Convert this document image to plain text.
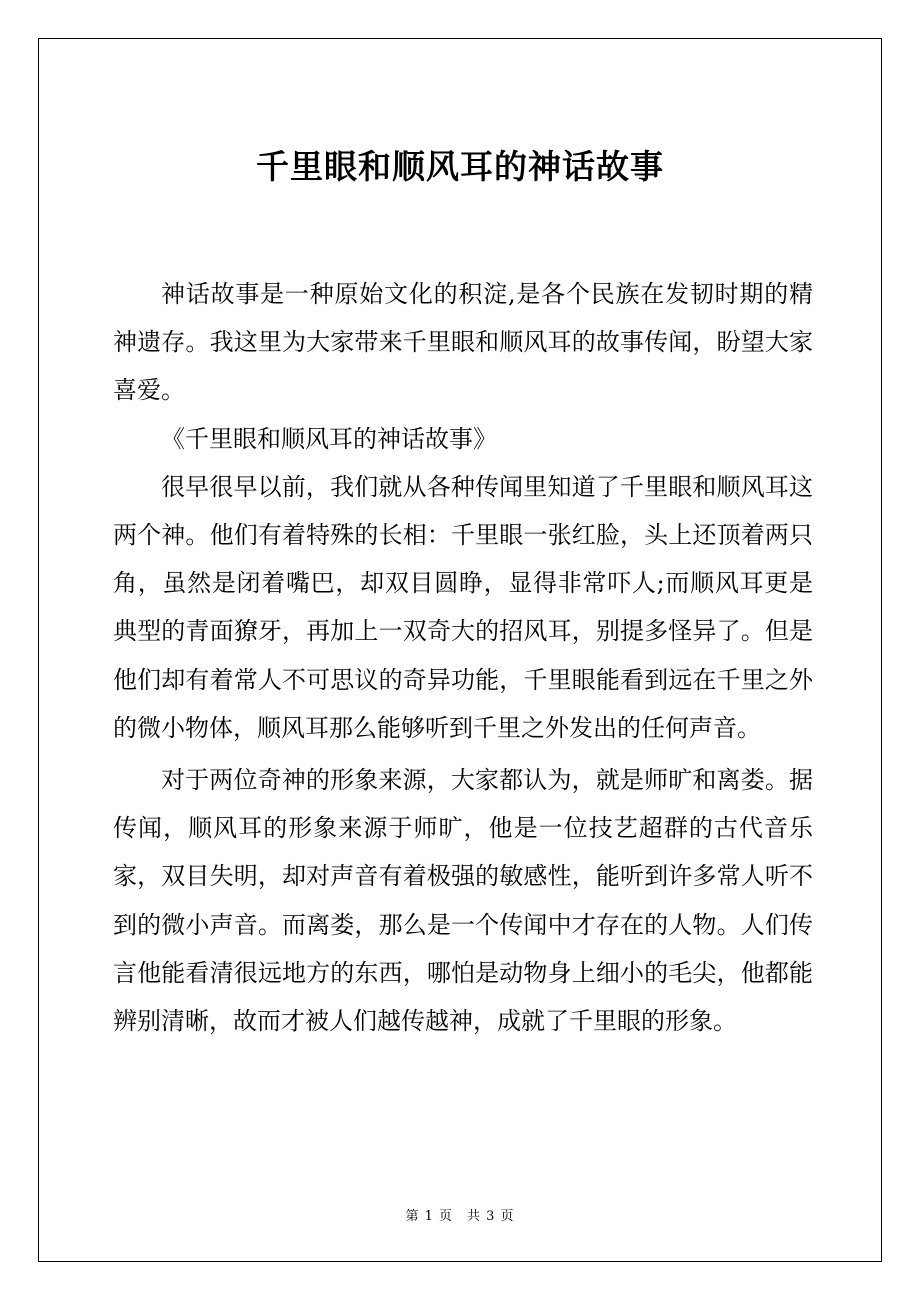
千里眼和顺风耳的神话故事

神话故事是一种原始文化的积淀,是各个民族在发韧时期的精神遗存。我这里为大家带来千里眼和顺风耳的故事传闻，盼望大家喜爱。

《千里眼和顺风耳的神话故事》

很早很早以前，我们就从各种传闻里知道了千里眼和顺风耳这两个神。他们有着特殊的长相：千里眼一张红脸，头上还顶着两只角，虽然是闭着嘴巴，却双目圆睁，显得非常吓人;而顺风耳更是典型的青面獠牙，再加上一双奇大的招风耳，别提多怪异了。但是他们却有着常人不可思议的奇异功能，千里眼能看到远在千里之外的微小物体，顺风耳那么能够听到千里之外发出的任何声音。

对于两位奇神的形象来源，大家都认为，就是师旷和离娄。据传闻，顺风耳的形象来源于师旷，他是一位技艺超群的古代音乐家，双目失明，却对声音有着极强的敏感性，能听到许多常人听不到的微小声音。而离娄，那么是一个传闻中才存在的人物。人们传言他能看清很远地方的东西，哪怕是动物身上细小的毛尖，他都能辨别清晰，故而才被人们越传越神，成就了千里眼的形象。

第 1 页　共 3 页
